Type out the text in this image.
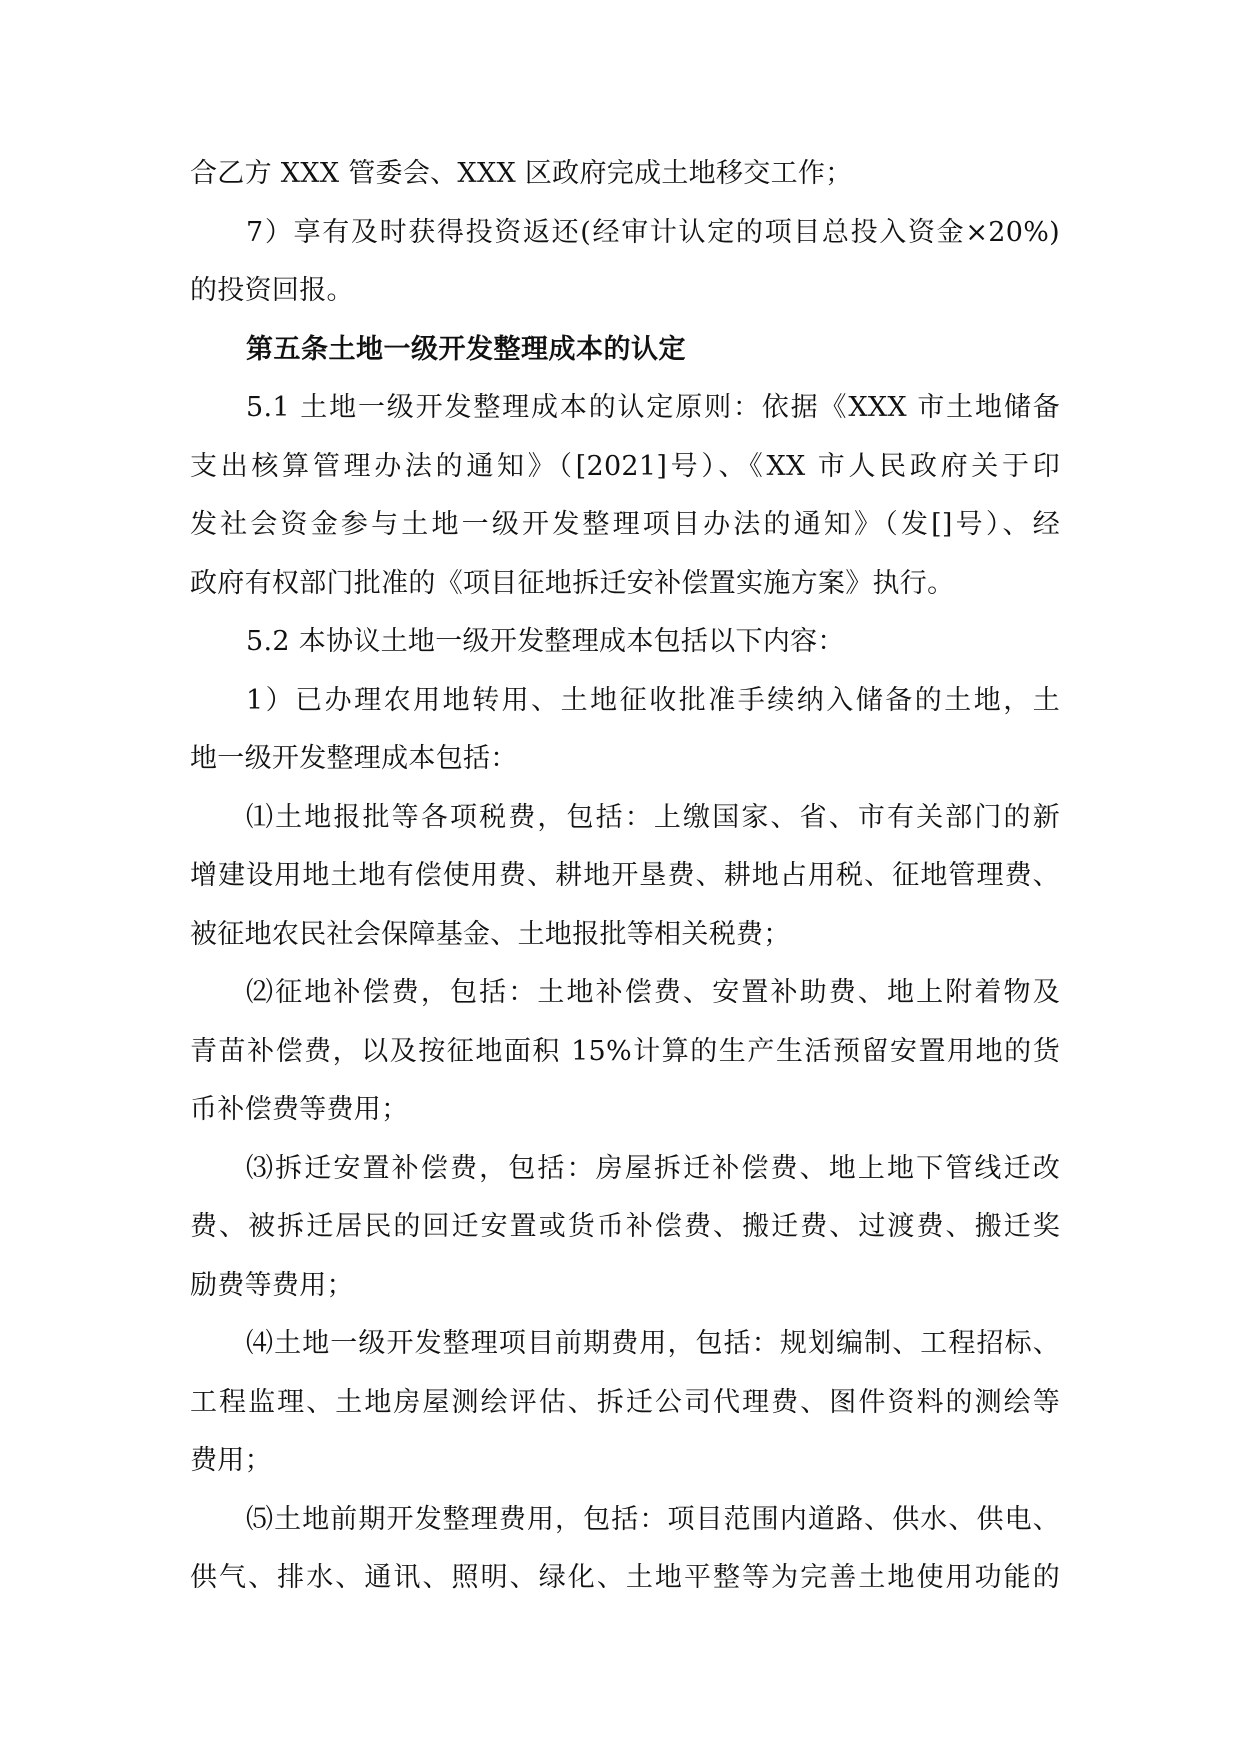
合乙方 XXX 管委会、XXX 区政府完成土地移交工作；
7）享有及时获得投资返还(经审计认定的项目总投入资金×20%)
的投资回报。
第五条土地一级开发整理成本的认定
5.1 土地一级开发整理成本的认定原则：依据《XXX 市土地储备
支出核算管理办法的通知》（[2021]号）、《XX 市人民政府关于印
发社会资金参与土地一级开发整理项目办法的通知》（发[]号）、经
政府有权部门批准的《项目征地拆迁安补偿置实施方案》执行。
5.2 本协议土地一级开发整理成本包括以下内容：
1）已办理农用地转用、土地征收批准手续纳入储备的土地，土
地一级开发整理成本包括：
⑴土地报批等各项税费，包括：上缴国家、省、市有关部门的新
增建设用地土地有偿使用费、耕地开垦费、耕地占用税、征地管理费、
被征地农民社会保障基金、土地报批等相关税费；
⑵征地补偿费，包括：土地补偿费、安置补助费、地上附着物及
青苗补偿费，以及按征地面积 15%计算的生产生活预留安置用地的货
币补偿费等费用；
⑶拆迁安置补偿费，包括：房屋拆迁补偿费、地上地下管线迁改
费、被拆迁居民的回迁安置或货币补偿费、搬迁费、过渡费、搬迁奖
励费等费用；
⑷土地一级开发整理项目前期费用，包括：规划编制、工程招标、
工程监理、土地房屋测绘评估、拆迁公司代理费、图件资料的测绘等
费用；
⑸土地前期开发整理费用，包括：项目范围内道路、供水、供电、
供气、排水、通讯、照明、绿化、土地平整等为完善土地使用功能的
